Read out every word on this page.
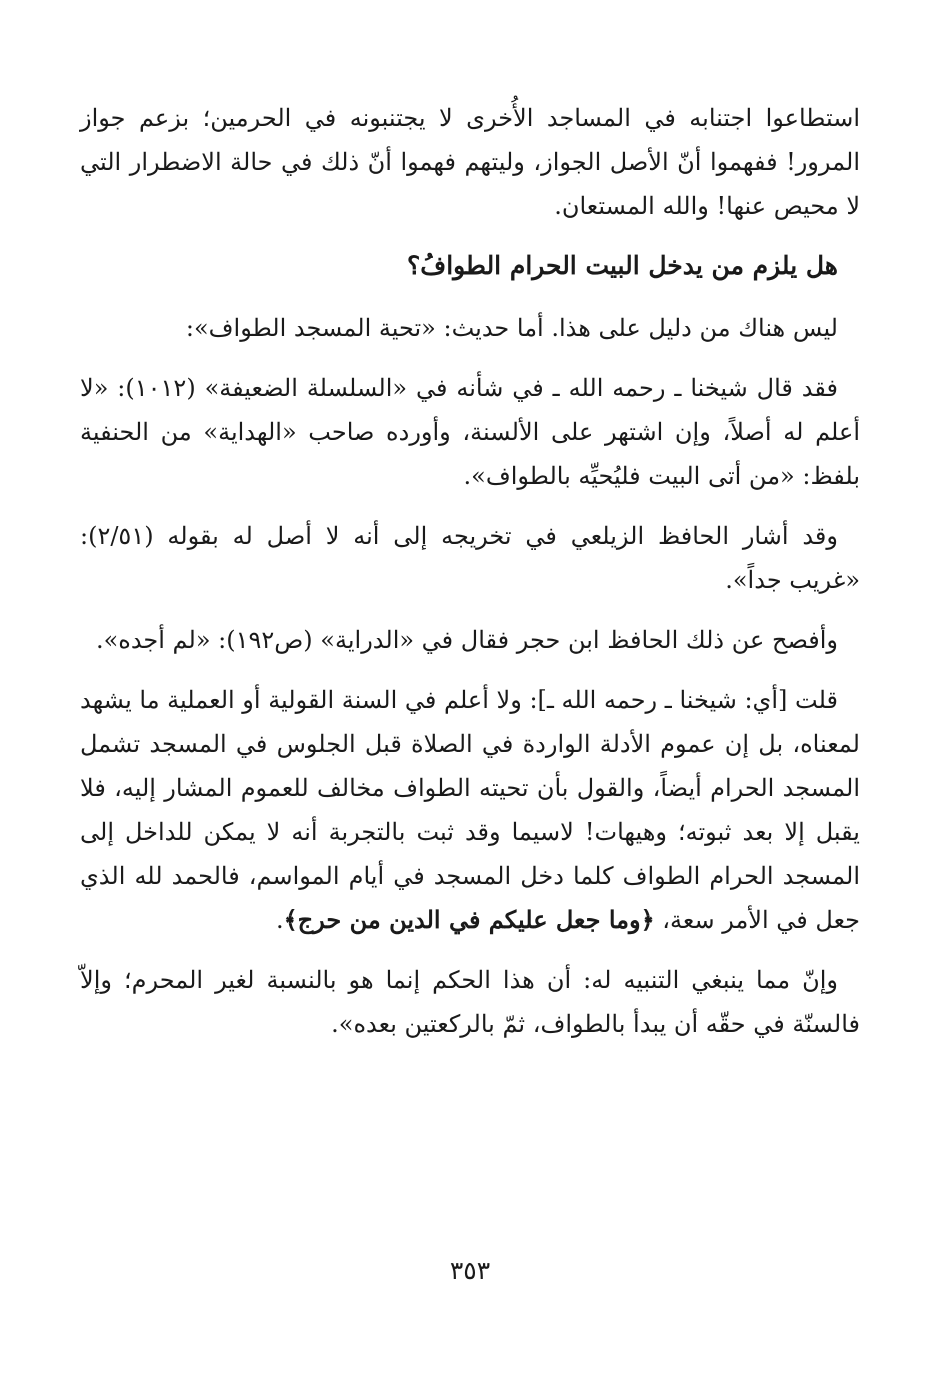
استطاعوا اجتنابه في المساجد الأُخرى لا يجتنبونه في الحرمين؛ بزعم جواز المرور! ففهموا أنّ الأصل الجواز، وليتهم فهموا أنّ ذلك في حالة الاضطرار التي لا محيص عنها! والله المستعان.

هل يلزم من يدخل البيت الحرام الطوافُ؟

ليس هناك من دليل على هذا. أما حديث: «تحية المسجد الطواف»:

فقد قال شيخنا ـ رحمه الله ـ في شأنه في «السلسلة الضعيفة» (١٠١٢): «لا أعلم له أصلاً، وإن اشتهر على الألسنة، وأورده صاحب «الهداية» من الحنفية بلفظ: «من أتى البيت فليُحيِّه بالطواف».

وقد أشار الحافظ الزيلعي في تخريجه إلى أنه لا أصل له بقوله (٢/٥١): «غريب جداً».

وأفصح عن ذلك الحافظ ابن حجر فقال في «الدراية» (ص١٩٢): «لم أجده».

قلت [أي: شيخنا ـ رحمه الله ـ]: ولا أعلم في السنة القولية أو العملية ما يشهد لمعناه، بل إن عموم الأدلة الواردة في الصلاة قبل الجلوس في المسجد تشمل المسجد الحرام أيضاً، والقول بأن تحيته الطواف مخالف للعموم المشار إليه، فلا يقبل إلا بعد ثبوته؛ وهيهات! لاسيما وقد ثبت بالتجربة أنه لا يمكن للداخل إلى المسجد الحرام الطواف كلما دخل المسجد في أيام المواسم، فالحمد لله الذي جعل في الأمر سعة، ﴿وما جعل عليكم في الدين من حرج﴾.

وإنّ مما ينبغي التنبيه له: أن هذا الحكم إنما هو بالنسبة لغير المحرم؛ وإلاّ فالسنّة في حقّه أن يبدأ بالطواف، ثمّ بالركعتين بعده».

٣٥٣
